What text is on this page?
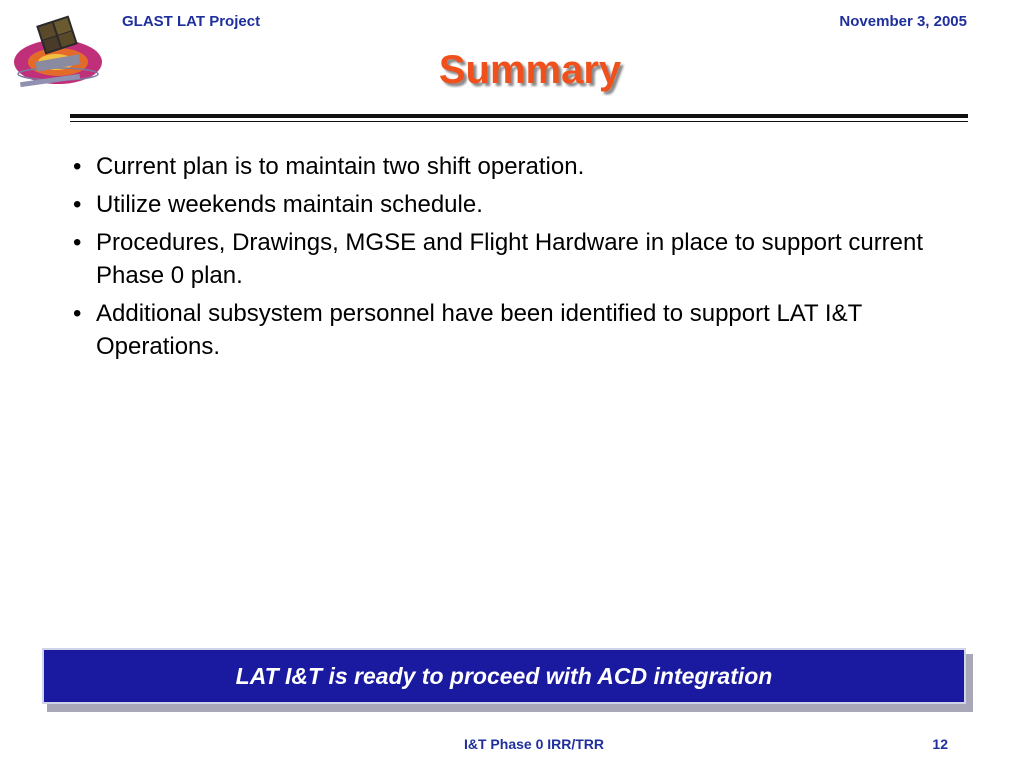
GLAST LAT Project	November 3, 2005
Summary
• Current plan is to maintain two shift operation.
• Utilize weekends maintain schedule.
• Procedures, Drawings, MGSE and Flight Hardware in place to support current Phase 0 plan.
• Additional subsystem personnel have been identified to support LAT I&T Operations.
LAT I&T is ready to proceed with ACD integration
I&T Phase 0 IRR/TRR	12
